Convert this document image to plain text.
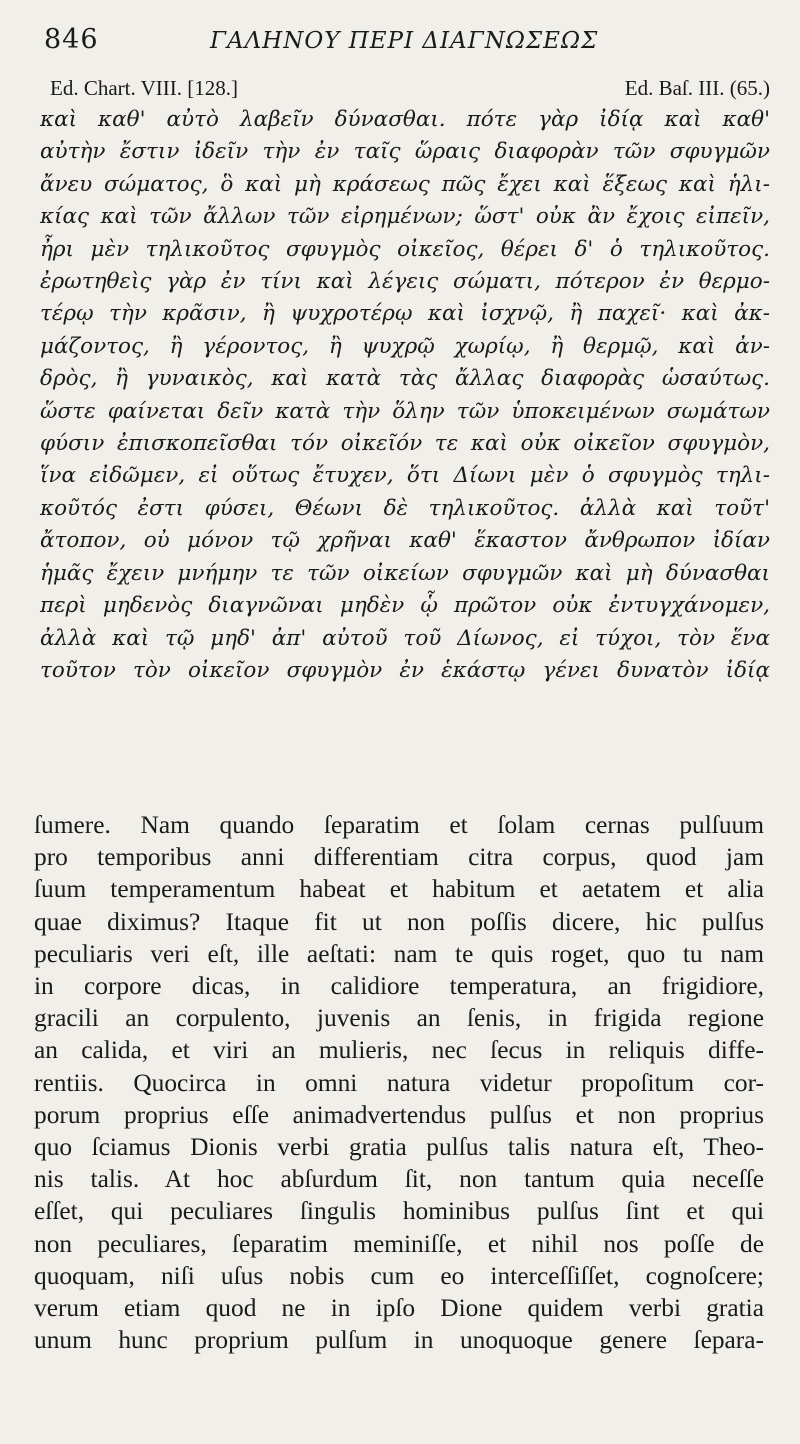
846	ΓΑΛΗΝΟΥ ΠΕΡΙ ΔΙΑΓΝΩΣΕΩΣ
Ed. Chart. VIII. [128.]	Ed. Baſ. III. (65.)
καὶ καθ' αὐτὸ λαβεῖν δύνασθαι. πότε γὰρ ἰδίᾳ καὶ καθ'
αὐτὴν ἔστιν ἰδεῖν τὴν ἐν ταῖς ὥραις διαφορὰν τῶν σφυγμῶν
ἄνευ σώματος, ὃ καὶ μὴ κράσεως πῶς ἔχει καὶ ἕξεως καὶ ἡλι-
κίας καὶ τῶν ἄλλων τῶν εἰρημένων; ὥστ' οὐκ ἂν ἔχοις εἰπεῖν,
ἦρι μὲν τηλικοῦτος σφυγμὸς οἰκεῖος, θέρει δ' ὁ τηλικοῦτος.
ἐρωτηθεὶς γὰρ ἐν τίνι καὶ λέγεις σώματι, πότερον ἐν θερμο-
τέρῳ τὴν κρᾶσιν, ἢ ψυχροτέρῳ καὶ ἰσχνῷ, ἢ παχεῖ· καὶ ἀκ-
μάζοντος, ἢ γέροντος, ἢ ψυχρῷ χωρίῳ, ἢ θερμῷ, καὶ ἀν-
δρὸς, ἢ γυναικὸς, καὶ κατὰ τὰς ἄλλας διαφορὰς ὡσαύτως.
ὥστε φαίνεται δεῖν κατὰ τὴν ὅλην τῶν ὑποκειμένων σωμάτων
φύσιν ἐπισκοπεῖσθαι τόν οἰκεῖόν τε καὶ οὐκ οἰκεῖον σφυγμὸν,
ἵνα εἰδῶμεν, εἰ οὕτως ἔτυχεν, ὅτι Δίωνι μὲν ὁ σφυγμὸς τηλι-
κοῦτός ἐστι φύσει, Θέωνι δὲ τηλικοῦτος. ἀλλὰ καὶ τοῦτ'
ἄτοπον, οὐ μόνον τῷ χρῆναι καθ' ἕκαστον ἄνθρωπον ἰδίαν
ἡμᾶς ἔχειν μνήμην τε τῶν οἰκείων σφυγμῶν καὶ μὴ δύνασθαι
περὶ μηδενὸς διαγνῶναι μηδὲν ᾧ πρῶτον οὐκ ἐντυγχάνομεν,
ἀλλὰ καὶ τῷ μηδ' ἀπ' αὐτοῦ τοῦ Δίωνος, εἰ τύχοι, τὸν ἕνα
τοῦτον τὸν οἰκεῖον σφυγμὸν ἐν ἑκάστῳ γένει δυνατὸν ἰδίᾳ
ſumere. Nam quando ſeparatim et ſolam cernas pulſuum
pro temporibus anni differentiam citra corpus, quod jam
ſuum temperamentum habeat et habitum et aetatem et alia
quae diximus? Itaque fit ut non poſſis dicere, hic pulſus
peculiaris veri eſt, ille aeſtati: nam te quis roget, quo tu nam
in corpore dicas, in calidiore temperatura, an frigidiore,
gracili an corpulento, juvenis an ſenis, in frigida regione
an calida, et viri an mulieris, nec ſecus in reliquis diffe-
rentiis. Quocirca in omni natura videtur propoſitum cor-
porum proprius eſſe animadvertendus pulſus et non proprius
quo ſciamus Dionis verbi gratia pulſus talis natura eſt, Theo-
nis talis. At hoc abſurdum ſit, non tantum quia neceſſe
eſſet, qui peculiares ſingulis hominibus pulſus ſint et qui
non peculiares, ſeparatim meminiſſe, et nihil nos poſſe de
quoquam, niſi uſus nobis cum eo interceſſiſſet, cognoſcere;
verum etiam quod ne in ipſo Dione quidem verbi gratia
unum hunc proprium pulſum in unoquoque genere ſepara-
